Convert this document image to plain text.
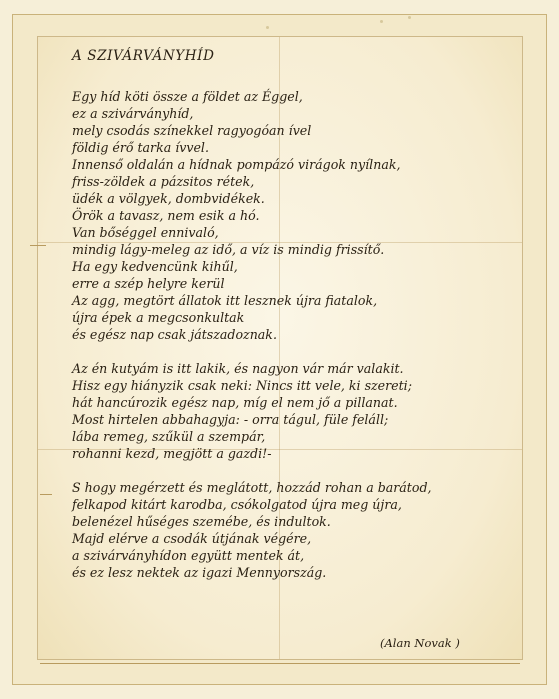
A SZIVÁRVÁNYHÍD
Egy híd köti össze a földet az Éggel,
ez a szivárványhíd,
mely csodás színekkel ragyogóan ível
földig érő tarka ívvel.
Innenső oldalán a hídnak pompázó virágok nyílnak,
friss-zöldek a pázsitos rétek,
üdék a völgyek, dombvidékek.
Örök a tavasz, nem esik a hó.
Van bőséggel ennivaló,
mindig lágy-meleg az idő, a víz is mindig frissítő.
Ha egy kedvencünk kihűl,
erre a szép helyre kerül
Az agg, megtört állatok itt lesznek újra fiatalok,
újra épek a megcsonkultak
és egész nap csak játszadoznak.
Az én kutyám is itt lakik, és nagyon vár már valakit.
Hisz egy hiányzik csak neki: Nincs itt vele, ki szereti;
hát hancúrozik egész nap, míg el nem jő a pillanat.
Most hirtelen abbahagyja: - orra tágul, füle feláll;
lába remeg, szűkül a szempár,
rohanni kezd, megjött a gazdi!-
S hogy megérzett és meglátott, hozzád rohan a barátod,
felkapod kitárt karodba, csókolgatod újra meg újra,
belenézel hűséges szemébe, és indultok.
Majd elérve a csodák útjának végére,
a szivárványhídon együtt mentek át,
és ez lesz nektek az igazi Mennyország.
(Alan Novak )
